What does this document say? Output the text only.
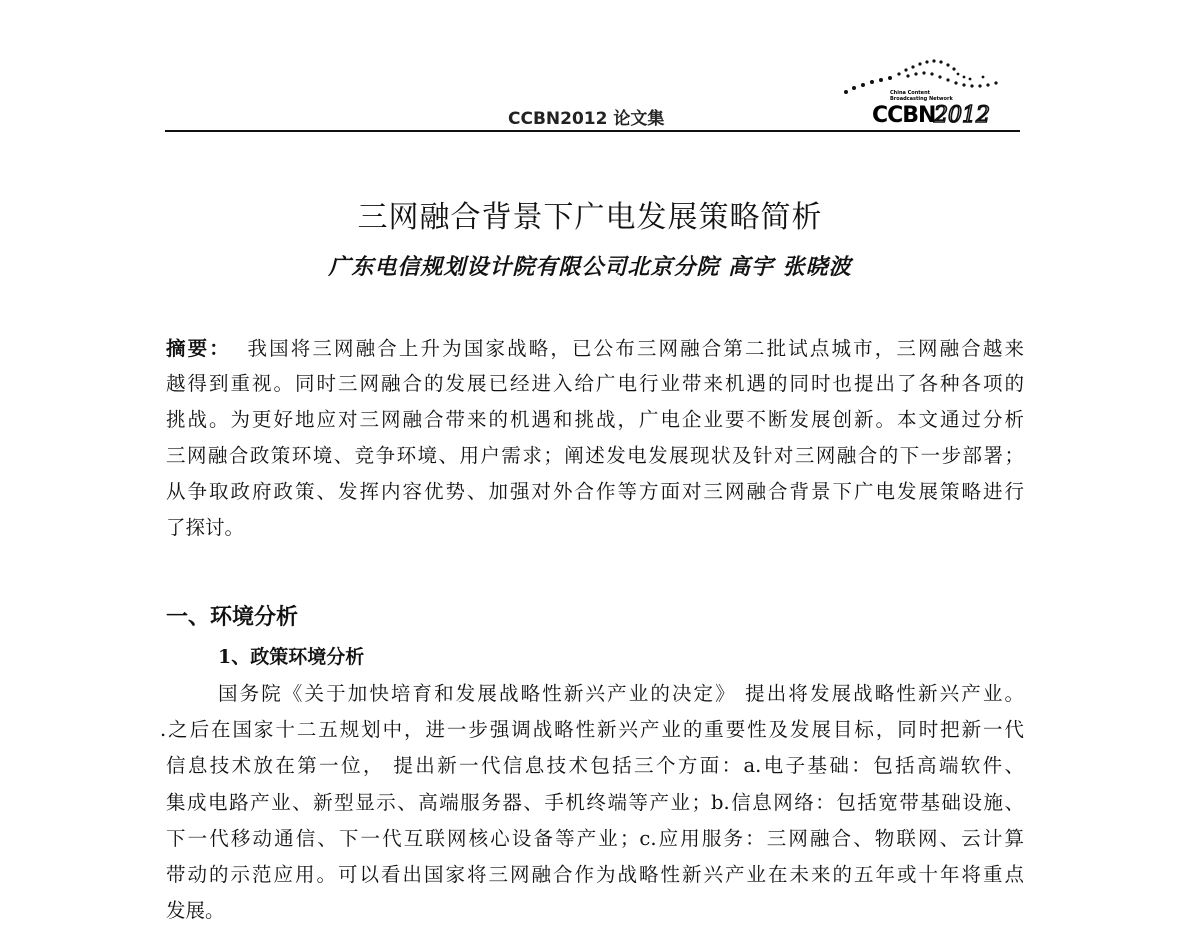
CCBN2012 论文集
China Content
Broadcasting Network
CCBN
2012
三网融合背景下广电发展策略简析
广东电信规划设计院有限公司北京分院 高宇 张晓波
摘要： 我国将三网融合上升为国家战略，已公布三网融合第二批试点城市，三网融合越来
越得到重视。同时三网融合的发展已经进入给广电行业带来机遇的同时也提出了各种各项的
挑战。为更好地应对三网融合带来的机遇和挑战，广电企业要不断发展创新。本文通过分析
三网融合政策环境、竞争环境、用户需求；阐述发电发展现状及针对三网融合的下一步部署；
从争取政府政策、发挥内容优势、加强对外合作等方面对三网融合背景下广电发展策略进行
了探讨。
一、环境分析
1、政策环境分析
国务院《关于加快培育和发展战略性新兴产业的决定》 提出将发展战略性新兴产业。
.之后在国家十二五规划中，进一步强调战略性新兴产业的重要性及发展目标，同时把新一代
信息技术放在第一位， 提出新一代信息技术包括三个方面：a.电子基础：包括高端软件、
集成电路产业、新型显示、高端服务器、手机终端等产业；b.信息网络：包括宽带基础设施、
下一代移动通信、下一代互联网核心设备等产业；c.应用服务：三网融合、物联网、云计算
带动的示范应用。可以看出国家将三网融合作为战略性新兴产业在未来的五年或十年将重点
发展。
